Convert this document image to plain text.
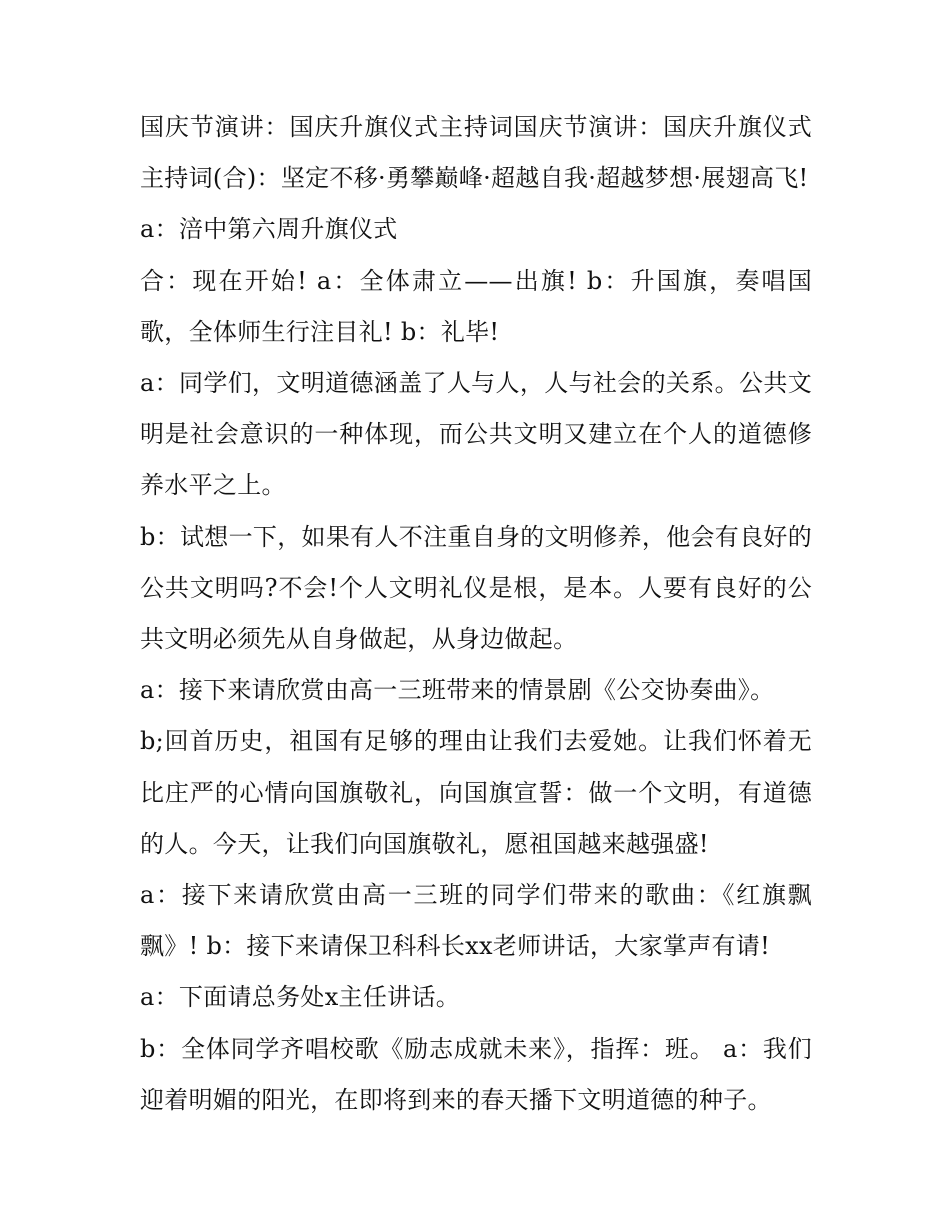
国庆节演讲：国庆升旗仪式主持词国庆节演讲：国庆升旗仪式主持词(合)：坚定不移·勇攀巅峰·超越自我·超越梦想·展翅高飞!

a：涪中第六周升旗仪式

合：现在开始! a：全体肃立——出旗! b：升国旗，奏唱国歌，全体师生行注目礼! b：礼毕!

a：同学们，文明道德涵盖了人与人，人与社会的关系。公共文明是社会意识的一种体现，而公共文明又建立在个人的道德修养水平之上。

b：试想一下，如果有人不注重自身的文明修养，他会有良好的公共文明吗?不会!个人文明礼仪是根，是本。人要有良好的公共文明必须先从自身做起，从身边做起。

a：接下来请欣赏由高一三班带来的情景剧《公交协奏曲》。

b;回首历史，祖国有足够的理由让我们去爱她。让我们怀着无比庄严的心情向国旗敬礼，向国旗宣誓：做一个文明，有道德的人。今天，让我们向国旗敬礼，愿祖国越来越强盛!

a：接下来请欣赏由高一三班的同学们带来的歌曲：《红旗飘飘》! b：接下来请保卫科科长xx老师讲话，大家掌声有请!

a：下面请总务处x主任讲话。

b：全体同学齐唱校歌《励志成就未来》，指挥：班。 a：我们迎着明媚的阳光，在即将到来的春天播下文明道德的种子。
